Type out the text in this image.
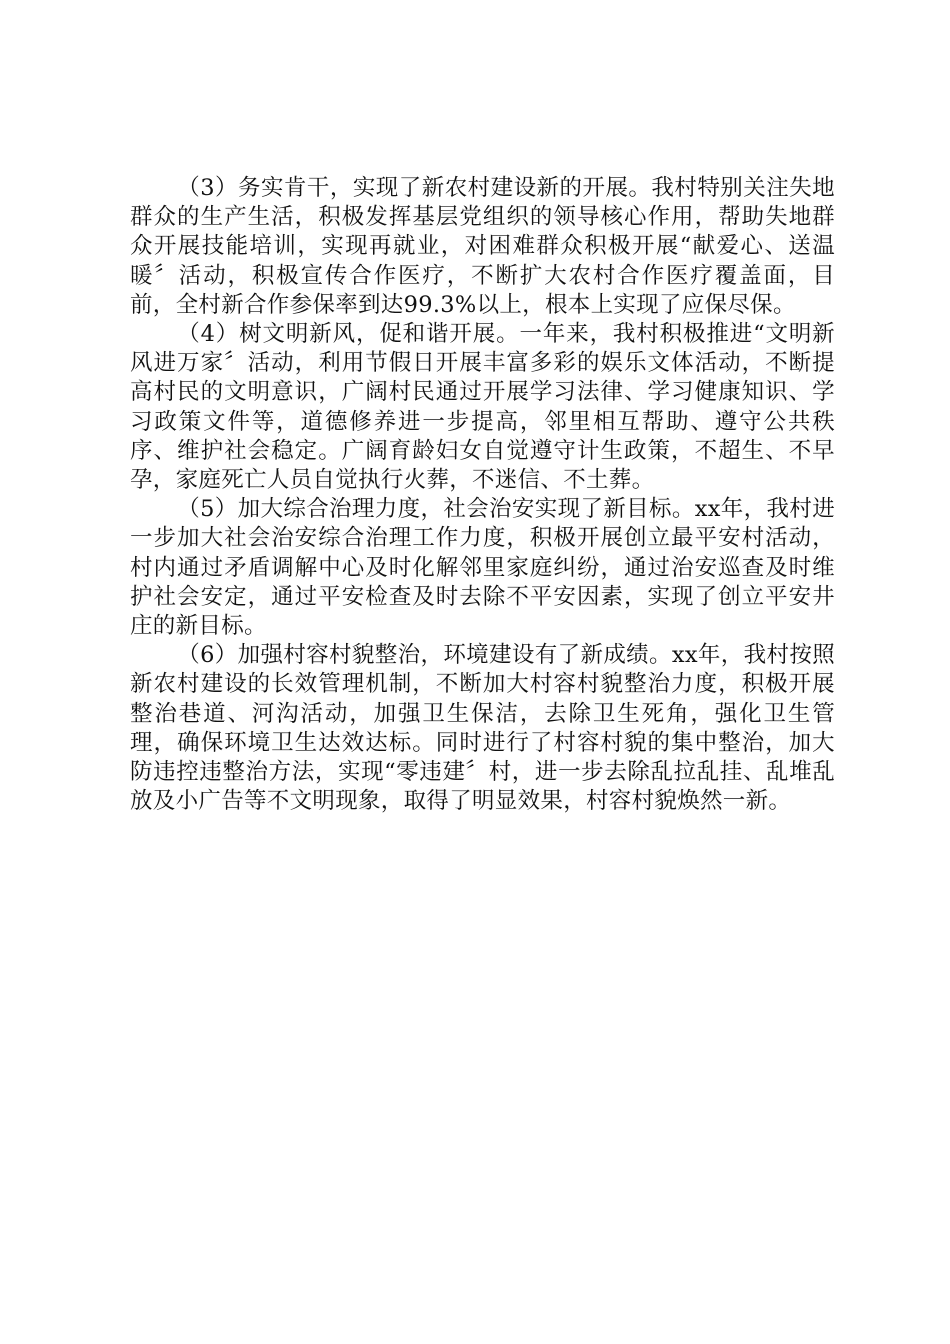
（3）务实肯干，实现了新农村建设新的开展。我村特别关注失地群众的生产生活，积极发挥基层党组织的领导核心作用，帮助失地群众开展技能培训，实现再就业，对困难群众积极开展“献爱心、送温暖〞活动，积极宣传合作医疗，不断扩大农村合作医疗覆盖面，目前，全村新合作参保率到达99.3%以上，根本上实现了应保尽保。

（4）树文明新风，促和谐开展。一年来，我村积极推进“文明新风进万家〞活动，利用节假日开展丰富多彩的娱乐文体活动，不断提高村民的文明意识，广阔村民通过开展学习法律、学习健康知识、学习政策文件等，道德修养进一步提高，邻里相互帮助、遵守公共秩序、维护社会稳定。广阔育龄妇女自觉遵守计生政策，不超生、不早孕，家庭死亡人员自觉执行火葬，不迷信、不土葬。

（5）加大综合治理力度，社会治安实现了新目标。xx年，我村进一步加大社会治安综合治理工作力度，积极开展创立最平安村活动，村内通过矛盾调解中心及时化解邻里家庭纠纷，通过治安巡查及时维护社会安定，通过平安检查及时去除不平安因素，实现了创立平安井庄的新目标。

（6）加强村容村貌整治，环境建设有了新成绩。xx年，我村按照新农村建设的长效管理机制，不断加大村容村貌整治力度，积极开展整治巷道、河沟活动，加强卫生保洁，去除卫生死角，强化卫生管理，确保环境卫生达效达标。同时进行了村容村貌的集中整治，加大防违控违整治方法，实现“零违建〞村，进一步去除乱拉乱挂、乱堆乱放及小广告等不文明现象，取得了明显效果，村容村貌焕然一新。
